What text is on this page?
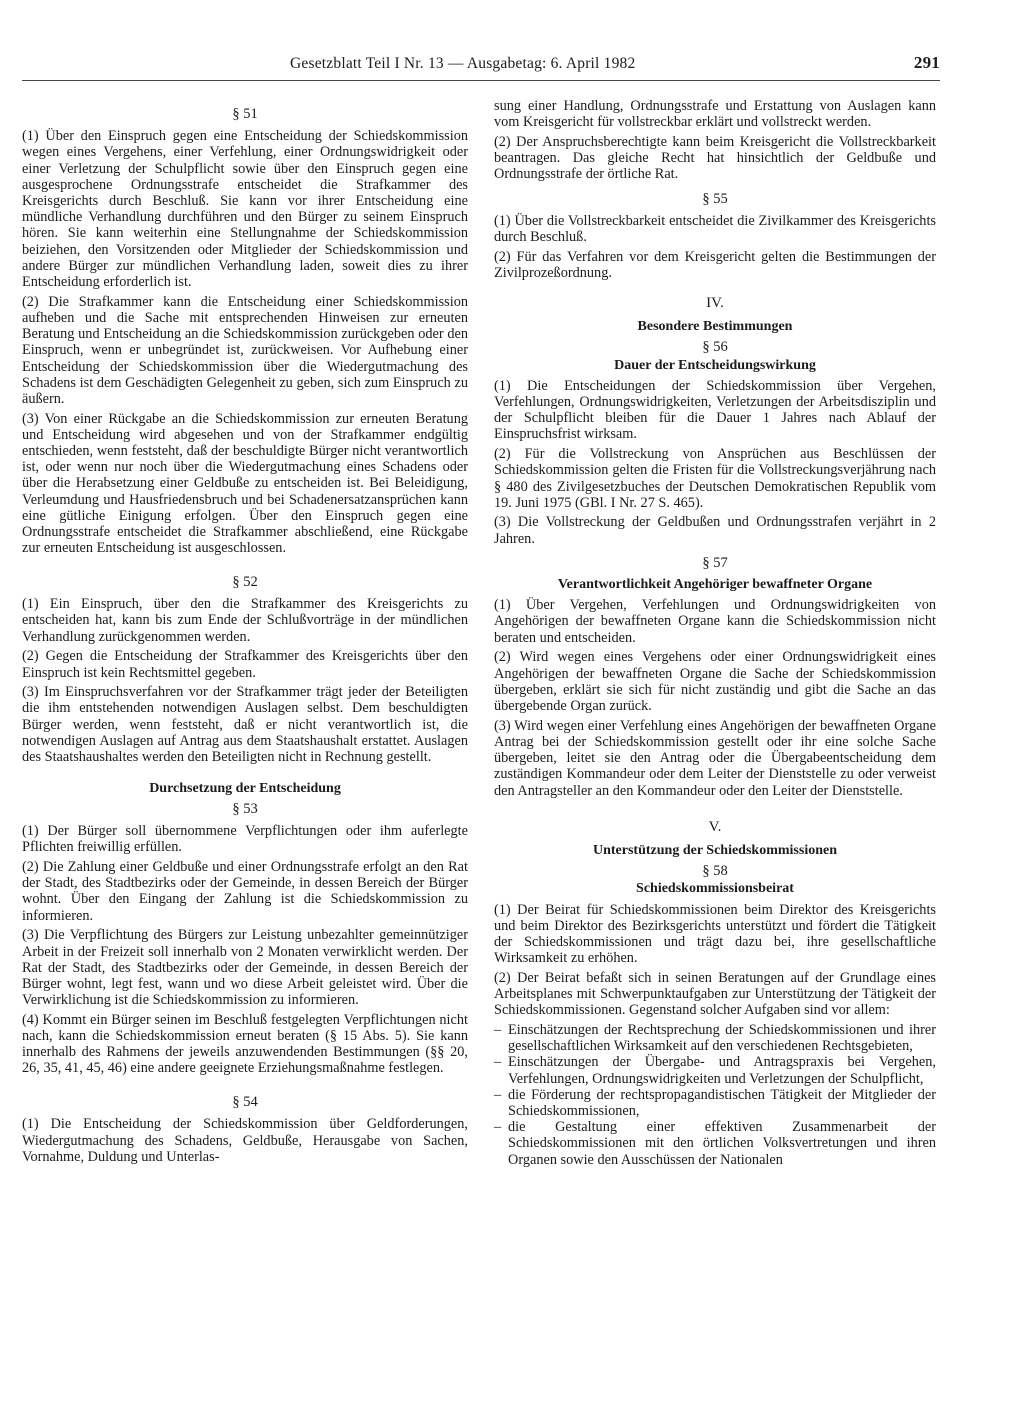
Gesetzblatt Teil I Nr. 13 — Ausgabetag: 6. April 1982	291
§ 51

(1) Über den Einspruch gegen eine Entscheidung der Schiedskommission wegen eines Vergehens, einer Verfehlung, einer Ordnungswidrigkeit oder einer Verletzung der Schulpflicht sowie über den Einspruch gegen eine ausgesprochene Ordnungsstrafe entscheidet die Strafkammer des Kreisgerichts durch Beschluß. Sie kann vor ihrer Entscheidung eine mündliche Verhandlung durchführen und den Bürger zu seinem Einspruch hören. Sie kann weiterhin eine Stellungnahme der Schiedskommission beiziehen, den Vorsitzenden oder Mitglieder der Schiedskommission und andere Bürger zur mündlichen Verhandlung laden, soweit dies zu ihrer Entscheidung erforderlich ist.

(2) Die Strafkammer kann die Entscheidung einer Schiedskommission aufheben und die Sache mit entsprechenden Hinweisen zur erneuten Beratung und Entscheidung an die Schiedskommission zurückgeben oder den Einspruch, wenn er unbegründet ist, zurückweisen. Vor Aufhebung einer Entscheidung der Schiedskommission über die Wiedergutmachung des Schadens ist dem Geschädigten Gelegenheit zu geben, sich zum Einspruch zu äußern.

(3) Von einer Rückgabe an die Schiedskommission zur erneuten Beratung und Entscheidung wird abgesehen und von der Strafkammer endgültig entschieden, wenn feststeht, daß der beschuldigte Bürger nicht verantwortlich ist, oder wenn nur noch über die Wiedergutmachung eines Schadens oder über die Herabsetzung einer Geldbuße zu entscheiden ist. Bei Beleidigung, Verleumdung und Hausfriedensbruch und bei Schadenersatzansprüchen kann eine gütliche Einigung erfolgen. Über den Einspruch gegen eine Ordnungsstrafe entscheidet die Strafkammer abschließend, eine Rückgabe zur erneuten Entscheidung ist ausgeschlossen.

§ 52

(1) Ein Einspruch, über den die Strafkammer des Kreisgerichts zu entscheiden hat, kann bis zum Ende der Schlußvorträge in der mündlichen Verhandlung zurückgenommen werden.

(2) Gegen die Entscheidung der Strafkammer des Kreisgerichts über den Einspruch ist kein Rechtsmittel gegeben.

(3) Im Einspruchsverfahren vor der Strafkammer trägt jeder der Beteiligten die ihm entstehenden notwendigen Auslagen selbst. Dem beschuldigten Bürger werden, wenn feststeht, daß er nicht verantwortlich ist, die notwendigen Auslagen auf Antrag aus dem Staatshaushalt erstattet. Auslagen des Staatshaushaltes werden den Beteiligten nicht in Rechnung gestellt.

Durchsetzung der Entscheidung
§ 53

(1) Der Bürger soll übernommene Verpflichtungen oder ihm auferlegte Pflichten freiwillig erfüllen.

(2) Die Zahlung einer Geldbuße und einer Ordnungsstrafe erfolgt an den Rat der Stadt, des Stadtbezirks oder der Gemeinde, in dessen Bereich der Bürger wohnt. Über den Eingang der Zahlung ist die Schiedskommission zu informieren.

(3) Die Verpflichtung des Bürgers zur Leistung unbezahlter gemeinnütziger Arbeit in der Freizeit soll innerhalb von 2 Monaten verwirklicht werden. Der Rat der Stadt, des Stadtbezirks oder der Gemeinde, in dessen Bereich der Bürger wohnt, legt fest, wann und wo diese Arbeit geleistet wird. Über die Verwirklichung ist die Schiedskommission zu informieren.

(4) Kommt ein Bürger seinen im Beschluß festgelegten Verpflichtungen nicht nach, kann die Schiedskommission erneut beraten (§ 15 Abs. 5). Sie kann innerhalb des Rahmens der jeweils anzuwendenden Bestimmungen (§§ 20, 26, 35, 41, 45, 46) eine andere geeignete Erziehungsmaßnahme festlegen.

§ 54

(1) Die Entscheidung der Schiedskommission über Geldforderungen, Wiedergutmachung des Schadens, Geldbuße, Herausgabe von Sachen, Vornahme, Duldung und Unterlas-

sung einer Handlung, Ordnungsstrafe und Erstattung von Auslagen kann vom Kreisgericht für vollstreckbar erklärt und vollstreckt werden.

(2) Der Anspruchsberechtigte kann beim Kreisgericht die Vollstreckbarkeit beantragen. Das gleiche Recht hat hinsichtlich der Geldbuße und Ordnungsstrafe der örtliche Rat.

§ 55

(1) Über die Vollstreckbarkeit entscheidet die Zivilkammer des Kreisgerichts durch Beschluß.

(2) Für das Verfahren vor dem Kreisgericht gelten die Bestimmungen der Zivilprozeßordnung.

IV.
Besondere Bestimmungen
§ 56
Dauer der Entscheidungswirkung

(1) Die Entscheidungen der Schiedskommission über Vergehen, Verfehlungen, Ordnungswidrigkeiten, Verletzungen der Arbeitsdisziplin und der Schulpflicht bleiben für die Dauer 1 Jahres nach Ablauf der Einspruchsfrist wirksam.

(2) Für die Vollstreckung von Ansprüchen aus Beschlüssen der Schiedskommission gelten die Fristen für die Vollstreckungsverjährung nach § 480 des Zivilgesetzbuches der Deutschen Demokratischen Republik vom 19. Juni 1975 (GBl. I Nr. 27 S. 465).

(3) Die Vollstreckung der Geldbußen und Ordnungsstrafen verjährt in 2 Jahren.

§ 57
Verantwortlichkeit Angehöriger bewaffneter Organe

(1) Über Vergehen, Verfehlungen und Ordnungswidrigkeiten von Angehörigen der bewaffneten Organe kann die Schiedskommission nicht beraten und entscheiden.

(2) Wird wegen eines Vergehens oder einer Ordnungswidrigkeit eines Angehörigen der bewaffneten Organe die Sache der Schiedskommission übergeben, erklärt sie sich für nicht zuständig und gibt die Sache an das übergebende Organ zurück.

(3) Wird wegen einer Verfehlung eines Angehörigen der bewaffneten Organe Antrag bei der Schiedskommission gestellt oder ihr eine solche Sache übergeben, leitet sie den Antrag oder die Übergabeentscheidung dem zuständigen Kommandeur oder dem Leiter der Dienststelle zu oder verweist den Antragsteller an den Kommandeur oder den Leiter der Dienststelle.

V.
Unterstützung der Schiedskommissionen
§ 58
Schiedskommissionsbeirat

(1) Der Beirat für Schiedskommissionen beim Direktor des Kreisgerichts und beim Direktor des Bezirksgerichts unterstützt und fördert die Tätigkeit der Schiedskommissionen und trägt dazu bei, ihre gesellschaftliche Wirksamkeit zu erhöhen.

(2) Der Beirat befaßt sich in seinen Beratungen auf der Grundlage eines Arbeitsplanes mit Schwerpunktaufgaben zur Unterstützung der Tätigkeit der Schiedskommissionen. Gegenstand solcher Aufgaben sind vor allem:

– Einschätzungen der Rechtsprechung der Schiedskommissionen und ihrer gesellschaftlichen Wirksamkeit auf den verschiedenen Rechtsgebieten,
– Einschätzungen der Übergabe- und Antragspraxis bei Vergehen, Verfehlungen, Ordnungswidrigkeiten und Verletzungen der Schulpflicht,
– die Förderung der rechtspropagandistischen Tätigkeit der Mitglieder der Schiedskommissionen,
– die Gestaltung einer effektiven Zusammenarbeit der Schiedskommissionen mit den örtlichen Volksvertretungen und ihren Organen sowie den Ausschüssen der Nationalen
